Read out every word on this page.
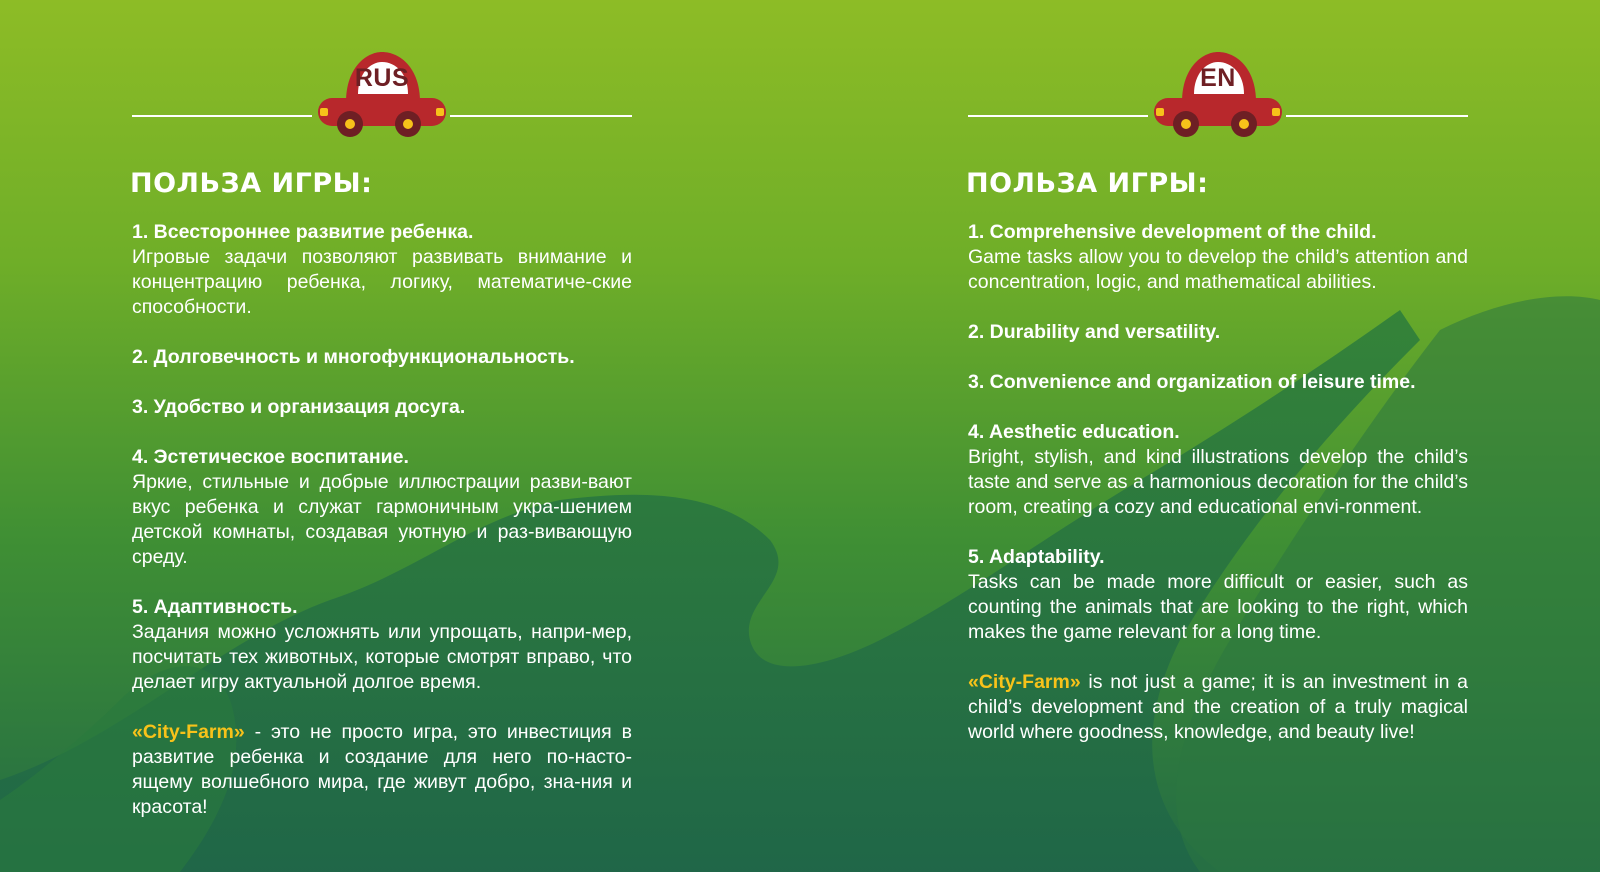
RUS
ПОЛЬЗА ИГРЫ:
1. Всестороннее развитие ребенка.
Игровые задачи позволяют развивать внимание и концентрацию ребенка, логику, математиче-ские способности.
2. Долговечность и многофункциональность.
3. Удобство и организация досуга.
4. Эстетическое воспитание.
Яркие, стильные и добрые иллюстрации разви-вают вкус ребенка и служат гармоничным укра-шением детской комнаты, создавая уютную и раз-вивающую среду.
5. Адаптивность.
Задания можно усложнять или упрощать, напри-мер, посчитать тех животных, которые смотрят вправо, что делает игру актуальной долгое время.

«City-Farm» - это не просто игра, это инвестиция в развитие ребенка и создание для него по-насто-ящему волшебного мира, где живут добро, зна-ния и красота!

EN
ПОЛЬЗА ИГРЫ:
1. Comprehensive development of the child.
Game tasks allow you to develop the child’s attention and concentration, logic, and mathematical abilities.
2. Durability and versatility.
3. Convenience and organization of leisure time.
4. Aesthetic education.
Bright, stylish, and kind illustrations develop the child’s taste and serve as a harmonious decoration for the child’s room, creating a cozy and educational envi-ronment.
5. Adaptability.
Tasks can be made more difficult or easier, such as counting the animals that are looking to the right, which makes the game relevant for a long time.

«City-Farm» is not just a game; it is an investment in a child’s development and the creation of a truly magical world where goodness, knowledge, and beauty live!
